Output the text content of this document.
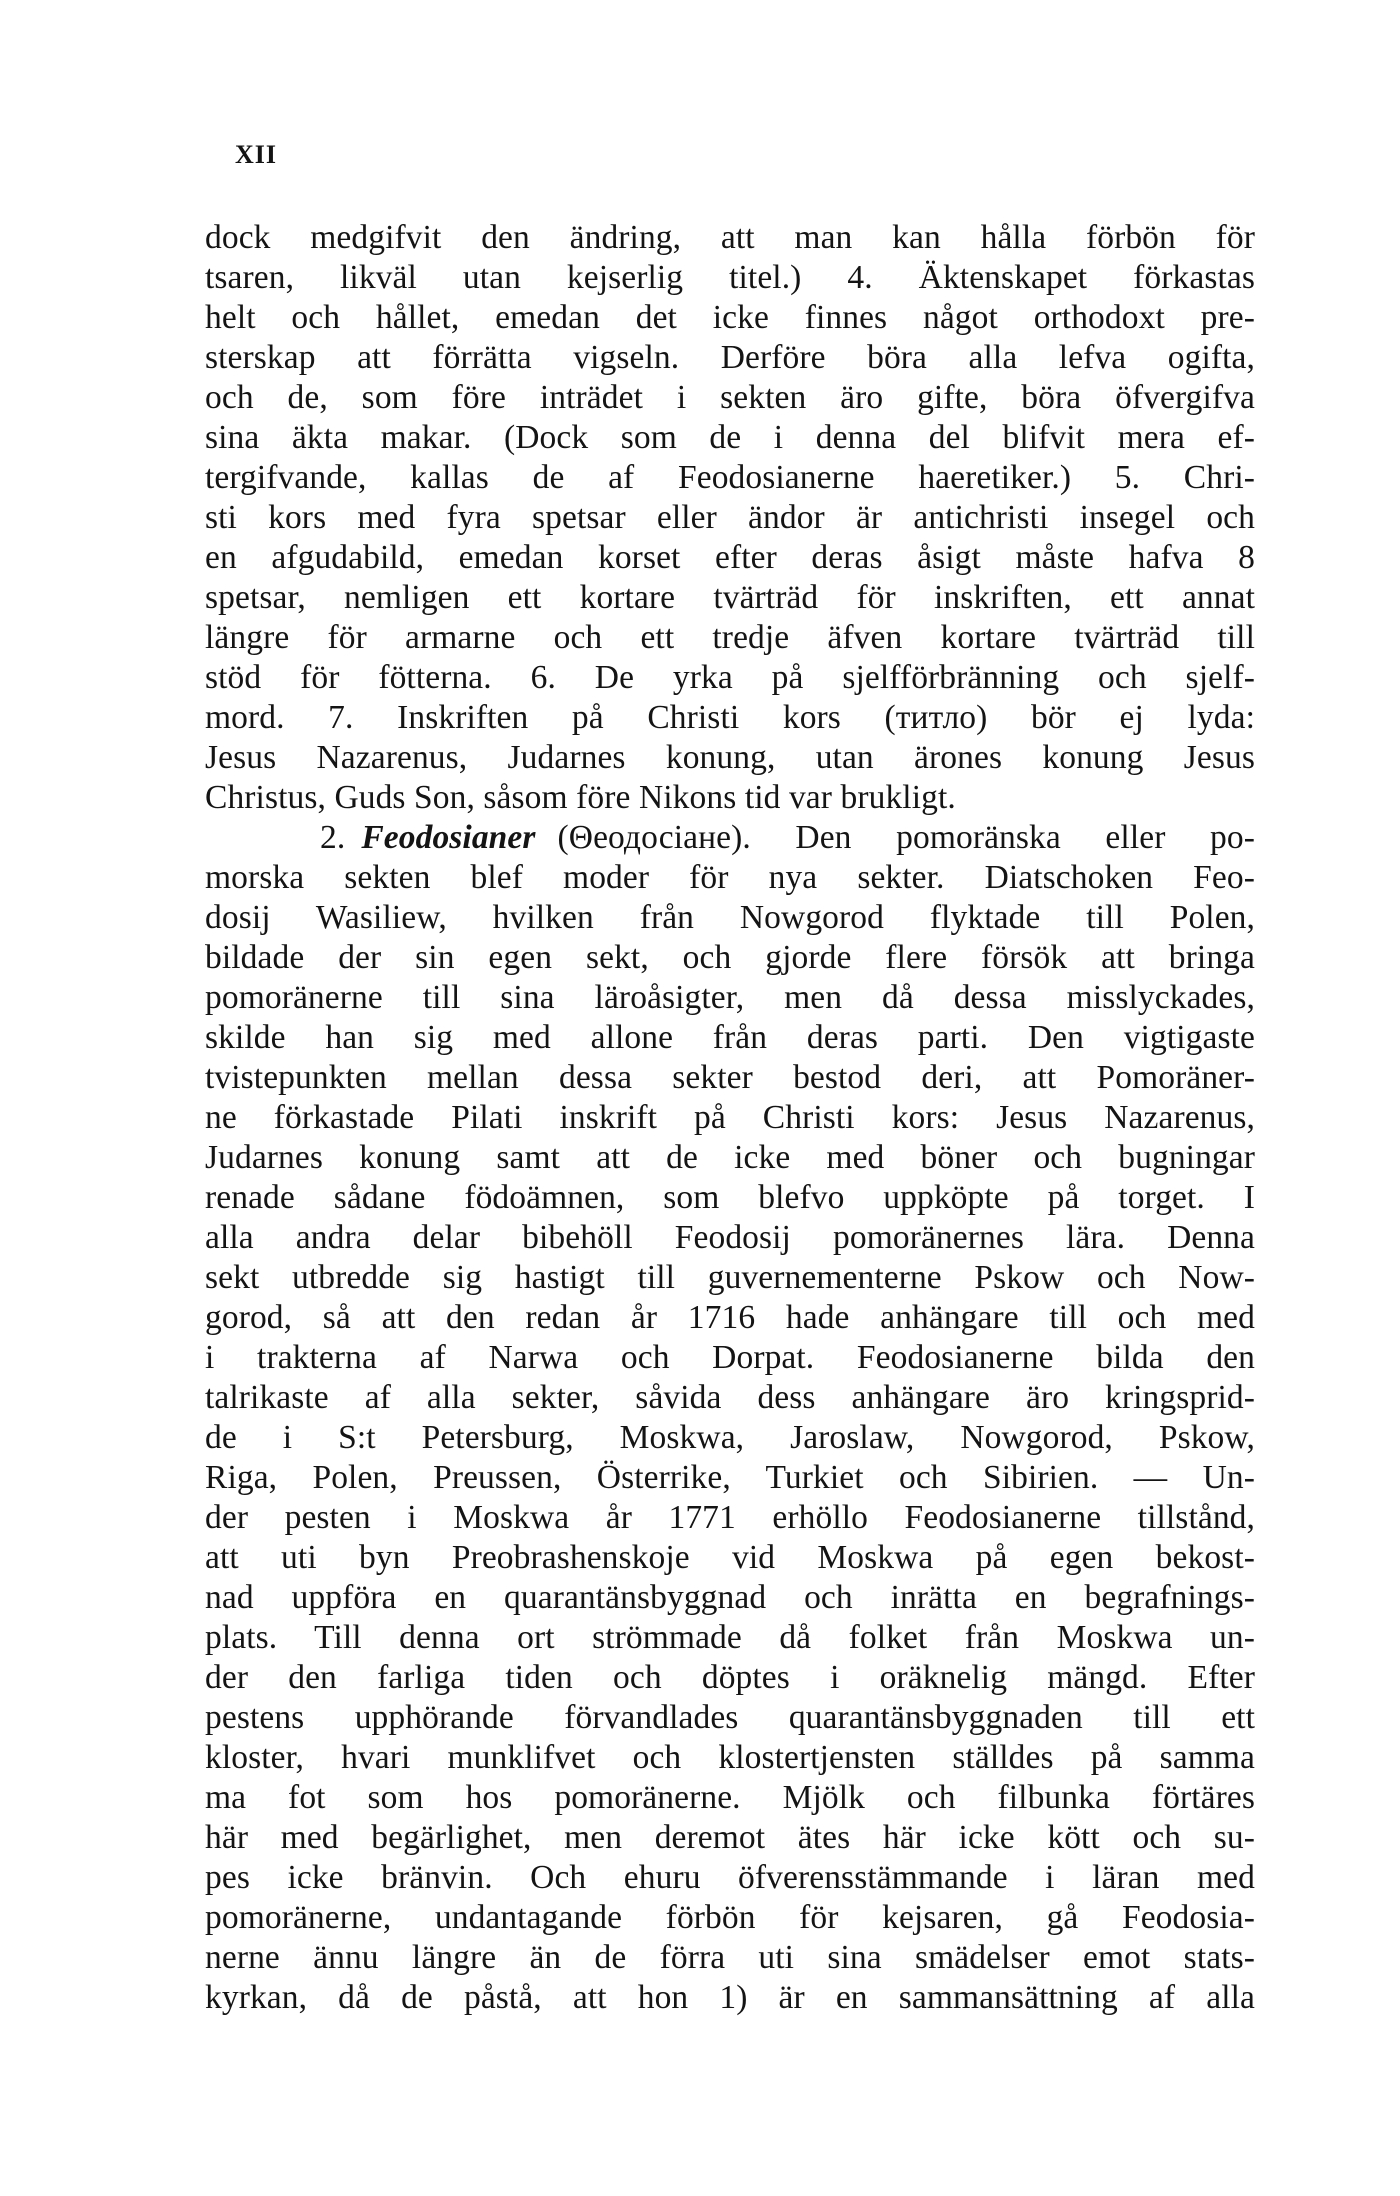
XII
dock medgifvit den ändring, att man kan hålla förbön för
tsaren, likväl utan kejserlig titel.) 4. Äktenskapet förkastas
helt och hållet, emedan det icke finnes något orthodoxt pre-
sterskap att förrätta vigseln. Derföre böra alla lefva ogifta,
och de, som före inträdet i sekten äro gifte, böra öfvergifva
sina äkta makar. (Dock som de i denna del blifvit mera ef-
tergifvande, kallas de af Feodosianerne haeretiker.) 5. Chri-
sti kors med fyra spetsar eller ändor är antichristi insegel och
en afgudabild, emedan korset efter deras åsigt måste hafva 8
spetsar, nemligen ett kortare tvärträd för inskriften, ett annat
längre för armarne och ett tredje äfven kortare tvärträd till
stöd för fötterna. 6. De yrka på sjelfförbränning och sjelf-
mord. 7. Inskriften på Christi kors (титло) bör ej lyda:
Jesus Nazarenus, Judarnes konung, utan ärones konung Jesus
Christus, Guds Son, såsom före Nikons tid var brukligt.
2. Feodosianer (Θеодосiане). Den pomoränska eller po-
morska sekten blef moder för nya sekter. Diatschoken Feo-
dosij Wasiliew, hvilken från Nowgorod flyktade till Polen,
bildade der sin egen sekt, och gjorde flere försök att bringa
pomoränerne till sina läroåsigter, men då dessa misslyckades,
skilde han sig med allone från deras parti. Den vigtigaste
tvistepunkten mellan dessa sekter bestod deri, att Pomoräner-
ne förkastade Pilati inskrift på Christi kors: Jesus Nazarenus,
Judarnes konung samt att de icke med böner och bugningar
renade sådane födoämnen, som blefvo uppköpte på torget. I
alla andra delar bibehöll Feodosij pomoränernes lära. Denna
sekt utbredde sig hastigt till guvernementerne Pskow och Now-
gorod, så att den redan år 1716 hade anhängare till och med
i trakterna af Narwa och Dorpat. Feodosianerne bilda den
talrikaste af alla sekter, såvida dess anhängare äro kringsprid-
de i S:t Petersburg, Moskwa, Jaroslaw, Nowgorod, Pskow,
Riga, Polen, Preussen, Österrike, Turkiet och Sibirien. — Un-
der pesten i Moskwa år 1771 erhöllo Feodosianerne tillstånd,
att uti byn Preobrashenskoje vid Moskwa på egen bekost-
nad uppföra en quarantänsbyggnad och inrätta en begrafnings-
plats. Till denna ort strömmade då folket från Moskwa un-
der den farliga tiden och döptes i oräknelig mängd. Efter
pestens upphörande förvandlades quarantänsbyggnaden till ett
kloster, hvari munklifvet och klostertjensten ställdes på samma
ma fot som hos pomoränerne. Mjölk och filbunka förtäres
här med begärlighet, men deremot ätes här icke kött och su-
pes icke bränvin. Och ehuru öfverensstämmande i läran med
pomoränerne, undantagande förbön för kejsaren, gå Feodosia-
nerne ännu längre än de förra uti sina smädelser emot stats-
kyrkan, då de påstå, att hon 1) är en sammansättning af alla
